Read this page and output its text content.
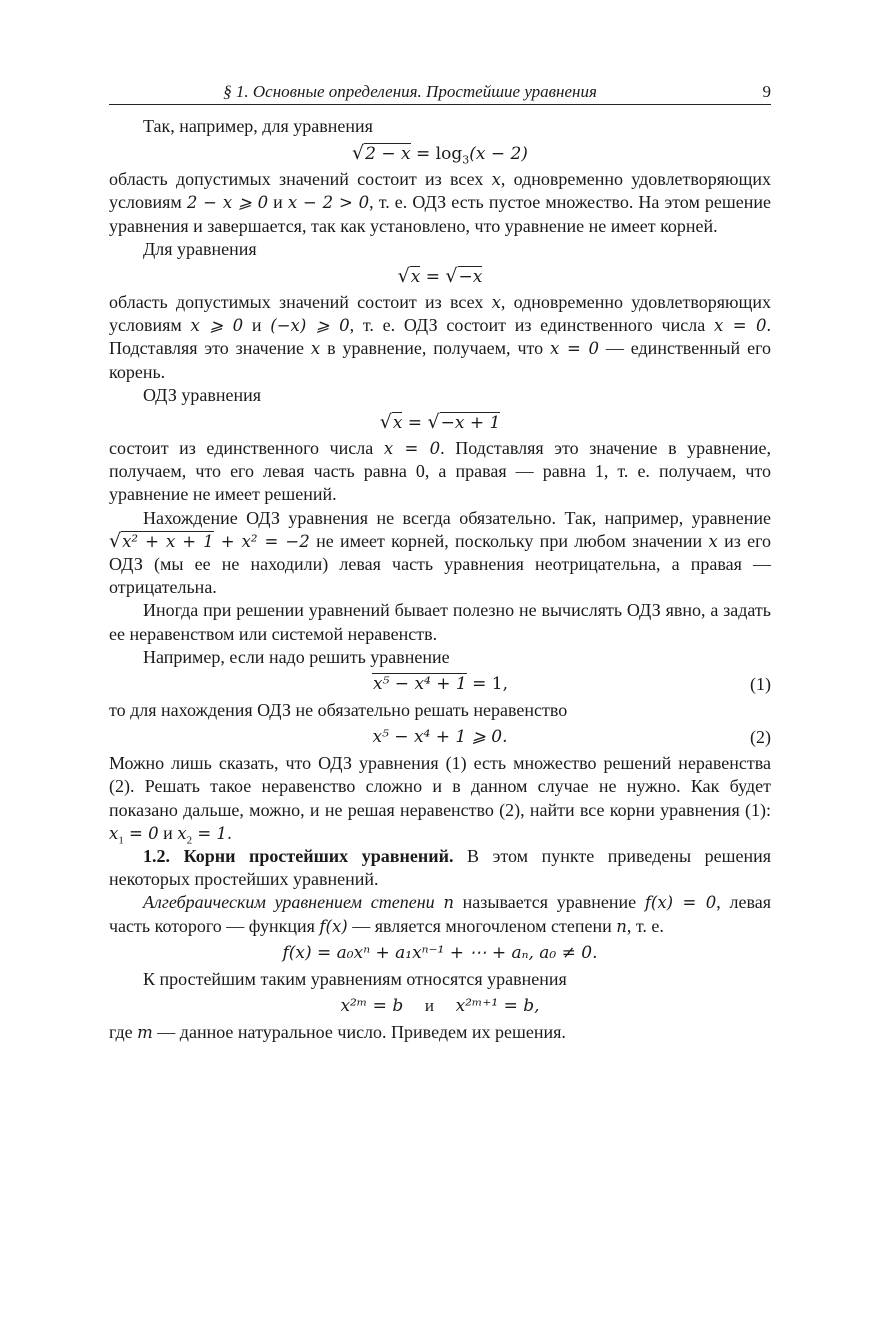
§ 1. Основные определения. Простейшие уравнения	9

Так, например, для уравнения

$√2 - x = \log_3(x - 2)$

область допустимых значений состоит из всех x, одновременно удовлетворяющих условиям 2 − x ⩾ 0 и x − 2 > 0, т. е. ОДЗ есть пустое множество. На этом решение уравнения и завершается, так как установлено, что уравнение не имеет корней.

Для уравнения

√x = √−x

область допустимых значений состоит из всех x, одновременно удовлетворяющих условиям x ⩾ 0 и (−x) ⩾ 0, т. е. ОДЗ состоит из единственного числа x = 0. Подставляя это значение x в уравнение, получаем, что x = 0 — единственный его корень.

ОДЗ уравнения

√x = √−x + 1

состоит из единственного числа x = 0. Подставляя это значение в уравнение, получаем, что его левая часть равна 0, а правая — равна 1, т. е. получаем, что уравнение не имеет решений.

Нахождение ОДЗ уравнения не всегда обязательно. Так, например, уравнение √x² + x + 1 + x² = −2 не имеет корней, поскольку при любом значении x из его ОДЗ (мы ее не находили) левая часть уравнения неотрицательна, а правая — отрицательна.

Иногда при решении уравнений бывает полезно не вычислять ОДЗ явно, а задать ее неравенством или системой неравенств.

Например, если надо решить уравнение

x⁵ − x⁴ + 1 = 1,	(1)

то для нахождения ОДЗ не обязательно решать неравенство

x⁵ − x⁴ + 1 ⩾ 0.	(2)

Можно лишь сказать, что ОДЗ уравнения (1) есть множество решений неравенства (2). Решать такое неравенство сложно и в данном случае не нужно. Как будет показано дальше, можно, и не решая неравенство (2), найти все корни уравнения (1): $x_1 = 0$ и $x_2 = 1$.

1.2. Корни простейших уравнений. В этом пункте приведены решения некоторых простейших уравнений.

Алгебраическим уравнением степени n называется уравнение f(x) = 0, левая часть которого — функция f(x) — является многочленом степени n, т. е.

f(x) = a₀xⁿ + a₁xⁿ⁻¹ + ⋯ + aₙ, a₀ ≠ 0.

К простейшим таким уравнениям относятся уравнения

x²ᵐ = b и x²ᵐ⁺¹ = b,

где m — данное натуральное число. Приведем их решения.
